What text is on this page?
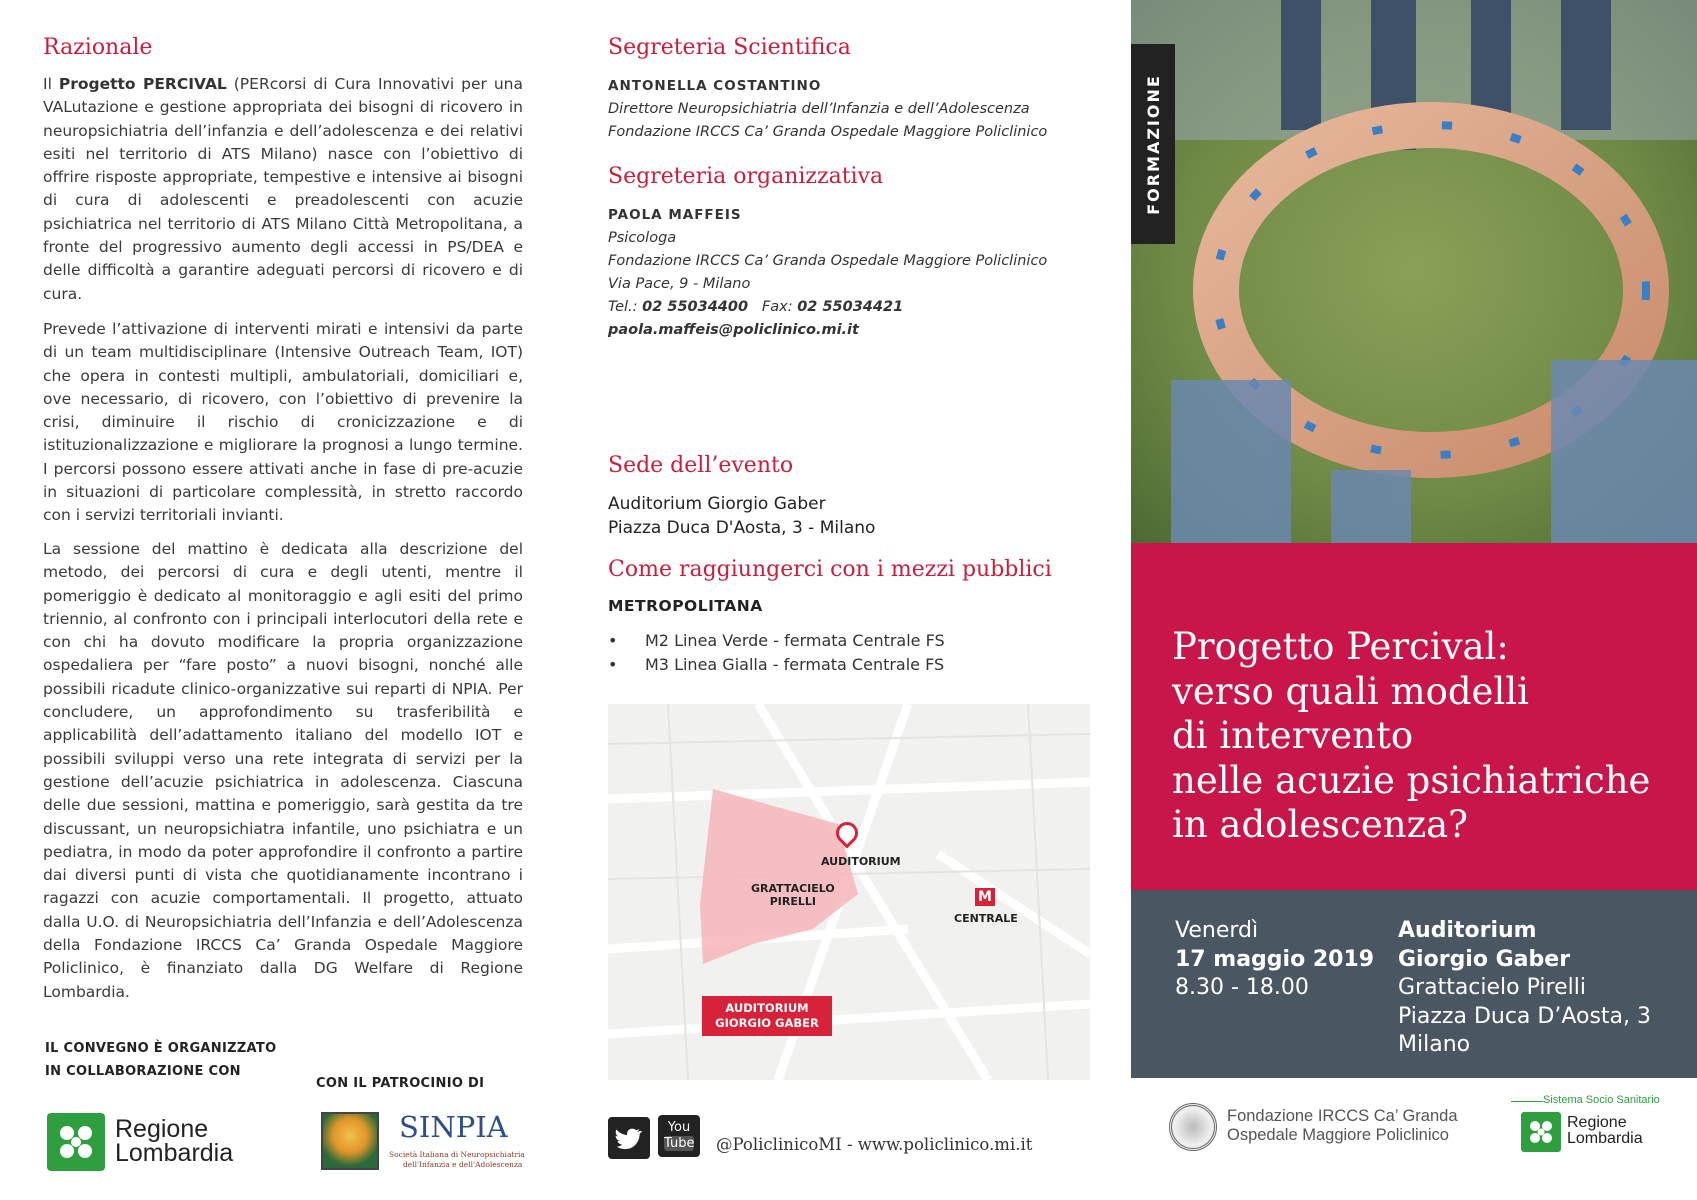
Razionale

Il Progetto PERCIVAL (PERcorsi di Cura Innovativi per una VALutazione e gestione appropriata dei bisogni di ricovero in neuropsichiatria dell’infanzia e dell’adolescenza e dei relativi esiti nel territorio di ATS Milano) nasce con l’obiettivo di offrire risposte appropriate, tempestive e intensive ai bisogni di cura di adolescenti e preadolescenti con acuzie psichiatrica nel territorio di ATS Milano Città Metropolitana, a fronte del progressivo aumento degli accessi in PS/DEA e delle difficoltà a garantire adeguati percorsi di ricovero e di cura.

Prevede l’attivazione di interventi mirati e intensivi da parte di un team multidisciplinare (Intensive Outreach Team, IOT) che opera in contesti multipli, ambulatoriali, domiciliari e, ove necessario, di ricovero, con l’obiettivo di prevenire la crisi, diminuire il rischio di cronicizzazione e di istituzionalizzazione e migliorare la prognosi a lungo termine. I percorsi possono essere attivati anche in fase di pre-acuzie in situazioni di particolare complessità, in stretto raccordo con i servizi territoriali invianti.

La sessione del mattino è dedicata alla descrizione del metodo, dei percorsi di cura e degli utenti, mentre il pomeriggio è dedicato al monitoraggio e agli esiti del primo triennio, al confronto con i principali interlocutori della rete e con chi ha dovuto modificare la propria organizzazione ospedaliera per “fare posto” a nuovi bisogni, nonché alle possibili ricadute clinico-organizzative sui reparti di NPIA. Per concludere, un approfondimento su trasferibilità e applicabilità dell’adattamento italiano del modello IOT e possibili sviluppi verso una rete integrata di servizi per la gestione dell’acuzie psichiatrica in adolescenza. Ciascuna delle due sessioni, mattina e pomeriggio, sarà gestita da tre discussant, un neuropsichiatra infantile, uno psichiatra e un pediatra, in modo da poter approfondire il confronto a partire dai diversi punti di vista che quotidianamente incontrano i ragazzi con acuzie comportamentali. Il progetto, attuato dalla U.O. di Neuropsichiatria dell’Infanzia e dell’Adolescenza della Fondazione IRCCS Ca’ Granda Ospedale Maggiore Policlinico, è finanziato dalla DG Welfare di Regione Lombardia.

IL CONVEGNO È ORGANIZZATO
IN COLLABORAZIONE CON
CON IL PATROCINIO DI
Regione
Lombardia
SINPIA
Società Italiana di Neuropsichiatria
dell'Infanzia e dell'Adolescenza
Segreteria Scientifica
ANTONELLA COSTANTINO
Direttore Neuropsichiatria dell’Infanzia e dell’Adolescenza
Fondazione IRCCS Ca’ Granda Ospedale Maggiore Policlinico
Segreteria organizzativa
PAOLA MAFFEIS
Psicologa
Fondazione IRCCS Ca’ Granda Ospedale Maggiore Policlinico
Via Pace, 9 - Milano
Tel.: 02 55034400 Fax: 02 55034421
paola.maffeis@policlinico.mi.it
Sede dell’evento
Auditorium Giorgio Gaber
Piazza Duca D'Aosta, 3 - Milano
Come raggiungerci con i mezzi pubblici
METROPOLITANA
• M2 Linea Verde - fermata Centrale FS
• M3 Linea Gialla - fermata Centrale FS
AUDITORIUM
GRATTACIELO
PIRELLI	M
CENTRALE
AUDITORIUM
GIORGIO GABER
You
Tube @PoliclinicoMI - www.policlinico.mi.it
FORMAZIONE
Progetto Percival:
verso quali modelli
di intervento
nelle acuzie psichiatriche
in adolescenza?
Venerdì
17 maggio 2019
8.30 - 18.00
Auditorium
Giorgio Gaber
Grattacielo Pirelli
Piazza Duca D’Aosta, 3
Milano
Fondazione IRCCS Ca’ Granda
Ospedale Maggiore Policlinico
Sistema Socio Sanitario
Regione
Lombardia
